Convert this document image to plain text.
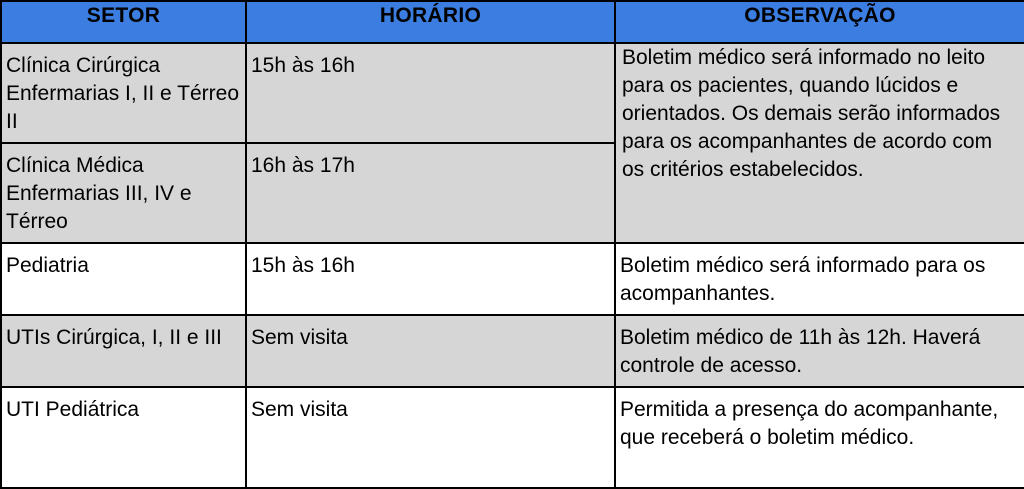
SETOR	HORÁRIO	OBSERVAÇÃO

Clínica Cirúrgica Enfermarias I, II e Térreo II	15h às 16h	Boletim médico será informado no leito para os pacientes, quando lúcidos e orientados. Os demais serão informados para os acompanhantes de acordo com os critérios estabelecidos.

Clínica Médica Enfermarias III, IV e Térreo	16h às 17h	

Pediatria	15h às 16h	Boletim médico será informado para os acompanhantes.

UTIs Cirúrgica, I, II e III	Sem visita	Boletim médico de 11h às 12h. Haverá controle de acesso.

UTI Pediátrica	Sem visita	Permitida a presença do acompanhante, que receberá o boletim médico.
